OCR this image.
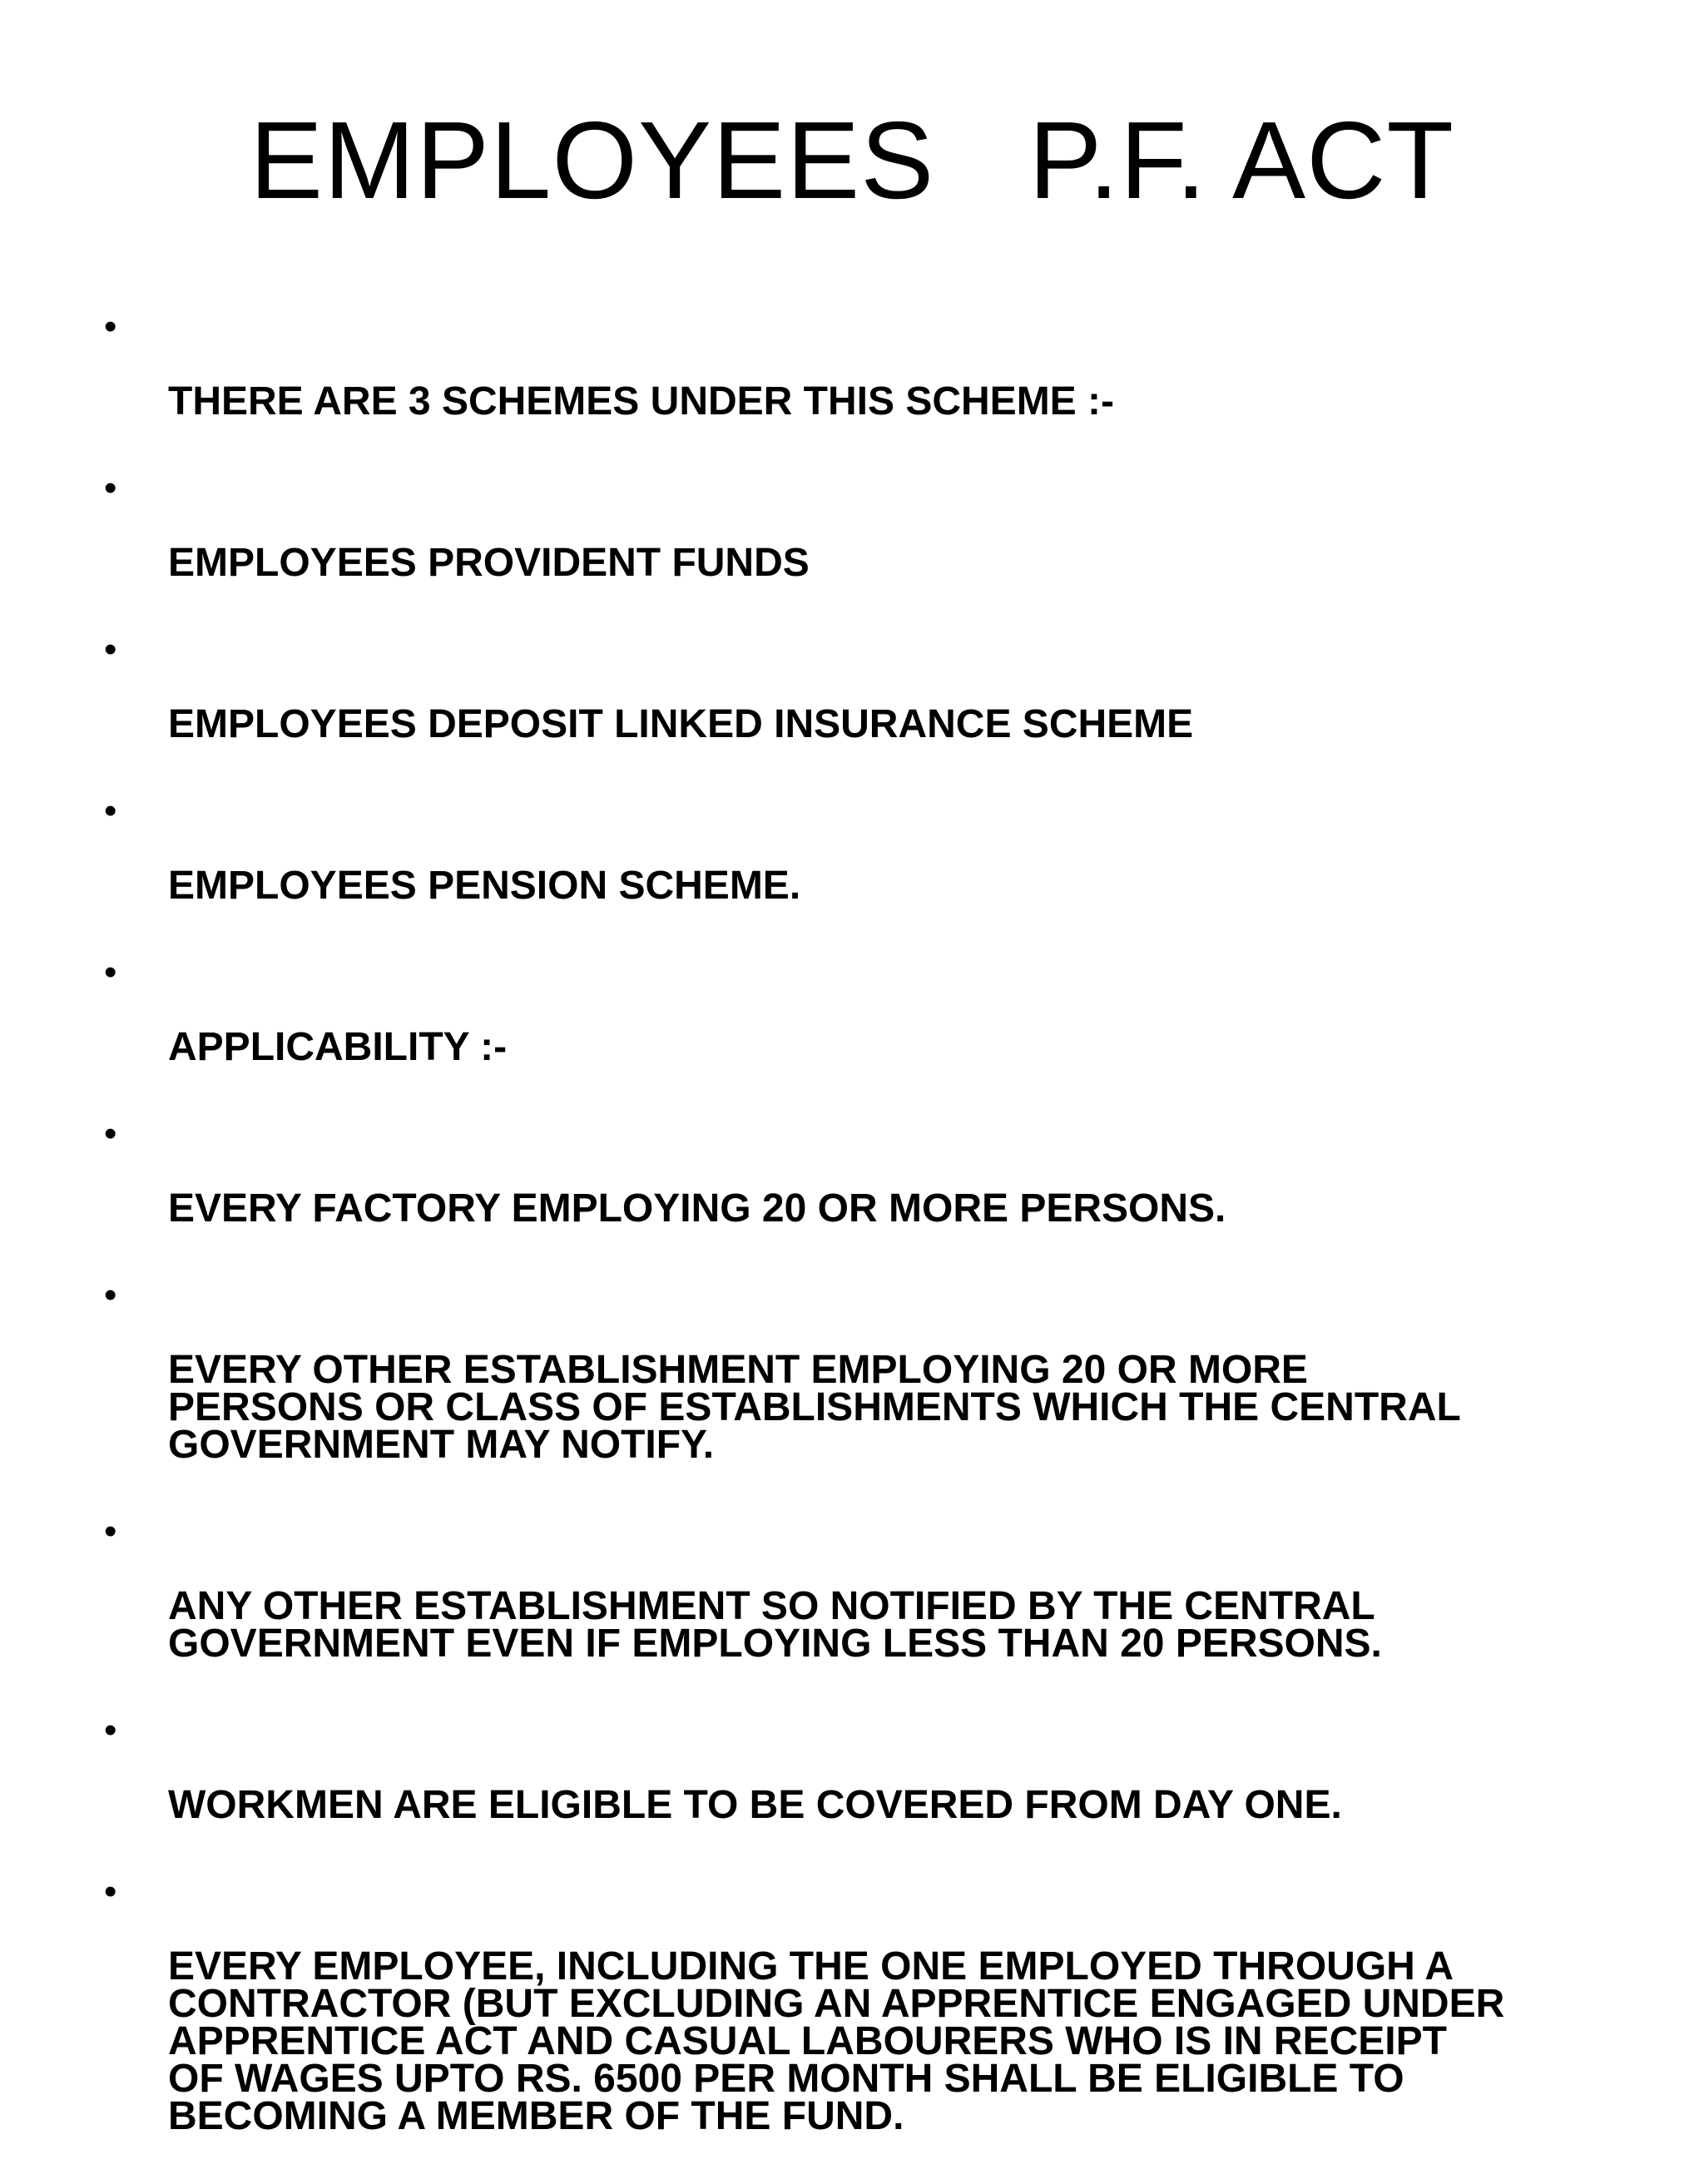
EMPLOYEES   P.F. ACT

•

THERE ARE 3 SCHEMES UNDER THIS SCHEME :-

•

EMPLOYEES PROVIDENT FUNDS

•

EMPLOYEES DEPOSIT LINKED INSURANCE SCHEME

•

EMPLOYEES PENSION SCHEME.

•

APPLICABILITY :-

•

EVERY FACTORY EMPLOYING 20 OR MORE PERSONS.

•

EVERY OTHER ESTABLISHMENT EMPLOYING 20 OR MORE
PERSONS OR CLASS OF ESTABLISHMENTS WHICH THE CENTRAL
GOVERNMENT MAY NOTIFY.

•

ANY OTHER ESTABLISHMENT SO NOTIFIED BY THE CENTRAL
GOVERNMENT EVEN IF EMPLOYING LESS THAN 20 PERSONS.

•

WORKMEN ARE ELIGIBLE TO BE COVERED FROM DAY ONE.

•

EVERY EMPLOYEE, INCLUDING THE ONE EMPLOYED THROUGH A
CONTRACTOR (BUT EXCLUDING AN APPRENTICE ENGAGED UNDER
APPRENTICE ACT AND CASUAL LABOURERS WHO IS IN RECEIPT
OF WAGES UPTO RS. 6500 PER MONTH SHALL BE ELIGIBLE TO
BECOMING A MEMBER OF THE FUND.
